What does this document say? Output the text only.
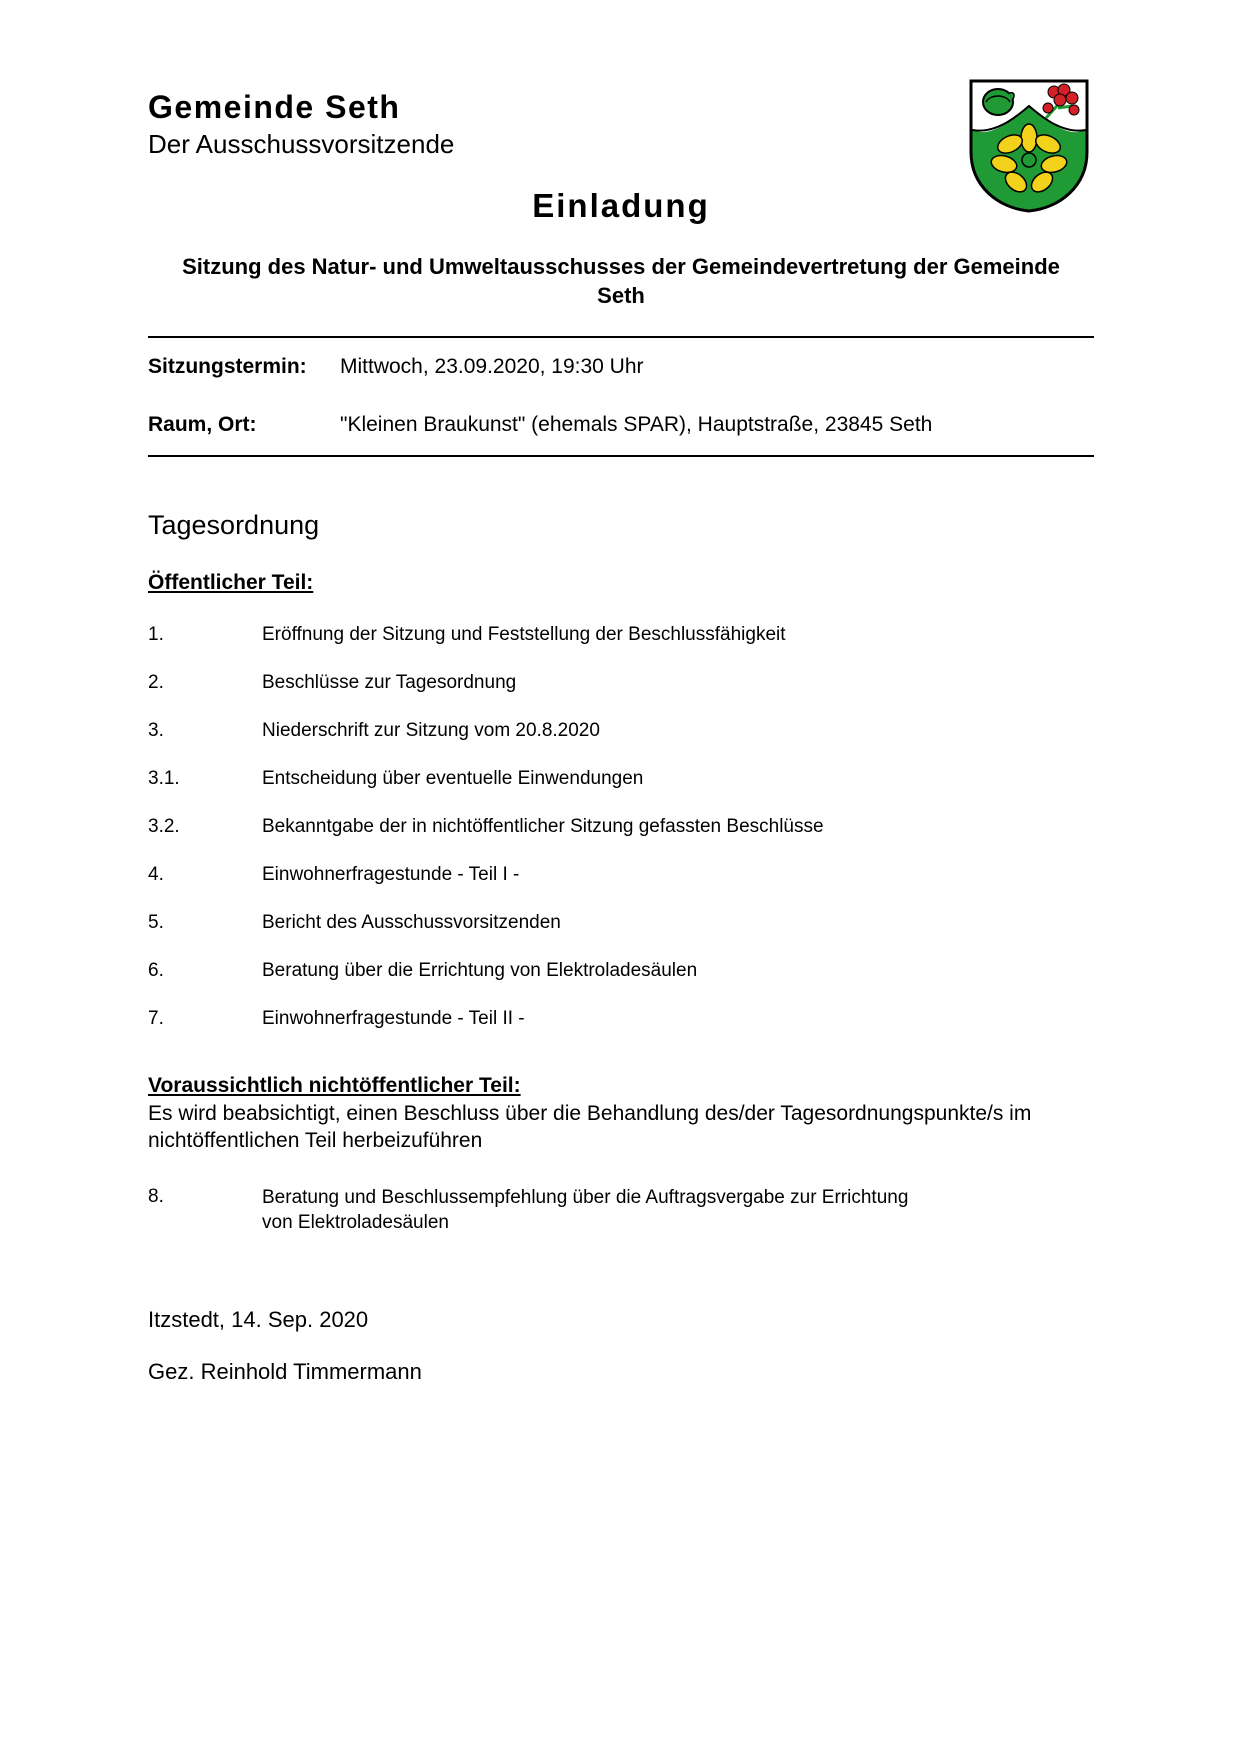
Gemeinde Seth
Der Ausschussvorsitzende
Einladung
Sitzung des Natur- und Umweltausschusses der Gemeindevertretung der Gemeinde Seth
Sitzungstermin: Mittwoch, 23.09.2020, 19:30 Uhr
Raum, Ort:	"Kleinen Braukunst" (ehemals SPAR), Hauptstraße, 23845 Seth
Tagesordnung
Öffentlicher Teil:
1.	Eröffnung der Sitzung und Feststellung der Beschlussfähigkeit
2.	Beschlüsse zur Tagesordnung
3.	Niederschrift zur Sitzung vom 20.8.2020
3.1.	Entscheidung über eventuelle Einwendungen
3.2.	Bekanntgabe der in nichtöffentlicher Sitzung gefassten Beschlüsse
4.	Einwohnerfragestunde - Teil I -
5.	Bericht des Ausschussvorsitzenden
6.	Beratung über die Errichtung von Elektroladesäulen
7.	Einwohnerfragestunde - Teil II -
Voraussichtlich nichtöffentlicher Teil:
Es wird beabsichtigt, einen Beschluss über die Behandlung des/der Tagesordnungspunkte/s im nichtöffentlichen Teil herbeizuführen
8.	Beratung und Beschlussempfehlung über die Auftragsvergabe zur Errichtung von Elektroladesäulen
Itzstedt, 14. Sep. 2020
Gez. Reinhold Timmermann
